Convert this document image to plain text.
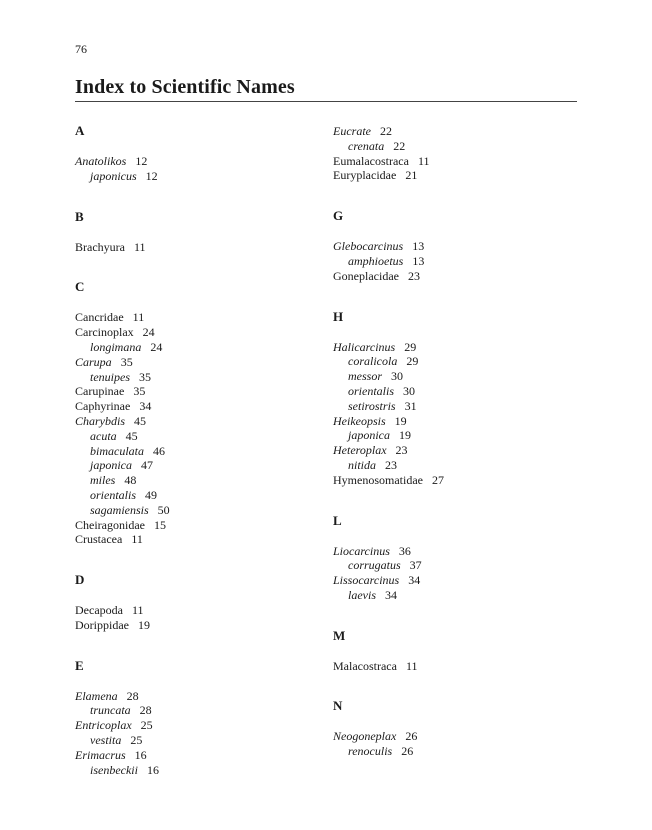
76
Index to Scientific Names
A
Anatolikos 12
japonicus 12
B
Brachyura 11
C
Cancridae 11
Carcinoplax 24
longimana 24
Carupa 35
tenuipes 35
Carupinae 35
Caphyrinae 34
Charybdis 45
acuta 45
bimaculata 46
japonica 47
miles 48
orientalis 49
sagamiensis 50
Cheiragonidae 15
Crustacea 11
D
Decapoda 11
Dorippidae 19
E
Elamena 28
truncata 28
Entricoplax 25
vestita 25
Erimacrus 16
isenbeckii 16
Eucrate 22
crenata 22
Eumalacostraca 11
Euryplacidae 21
G
Glebocarcinus 13
amphioetus 13
Goneplacidae 23
H
Halicarcinus 29
coralicola 29
messor 30
orientalis 30
setirostris 31
Heikeopsis 19
japonica 19
Heteroplax 23
nitida 23
Hymenosomatidae 27
L
Liocarcinus 36
corrugatus 37
Lissocarcinus 34
laevis 34
M
Malacostraca 11
N
Neogoneplax 26
renoculis 26
